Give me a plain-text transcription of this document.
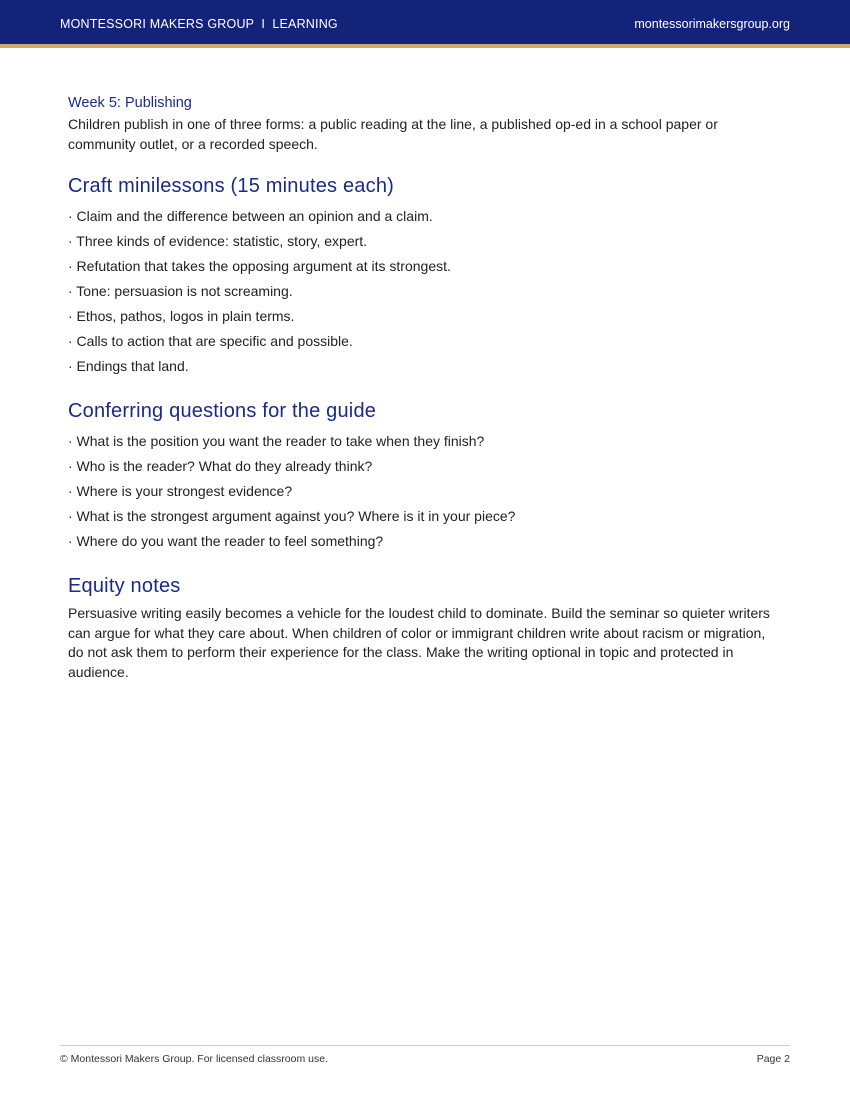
MONTESSORI MAKERS GROUP  I  LEARNING	montessorimakersgroup.org

Week 5: Publishing

Children publish in one of three forms: a public reading at the line, a published op-ed in a school paper or community outlet, or a recorded speech.

Craft minilessons (15 minutes each)
· Claim and the difference between an opinion and a claim.
· Three kinds of evidence: statistic, story, expert.
· Refutation that takes the opposing argument at its strongest.
· Tone: persuasion is not screaming.
· Ethos, pathos, logos in plain terms.
· Calls to action that are specific and possible.
· Endings that land.
Conferring questions for the guide
· What is the position you want the reader to take when they finish?
· Who is the reader? What do they already think?
· Where is your strongest evidence?
· What is the strongest argument against you? Where is it in your piece?
· Where do you want the reader to feel something?
Equity notes

Persuasive writing easily becomes a vehicle for the loudest child to dominate. Build the seminar so quieter writers can argue for what they care about. When children of color or immigrant children write about racism or migration, do not ask them to perform their experience for the class. Make the writing optional in topic and protected in audience.

© Montessori Makers Group. For licensed classroom use.	Page 2
